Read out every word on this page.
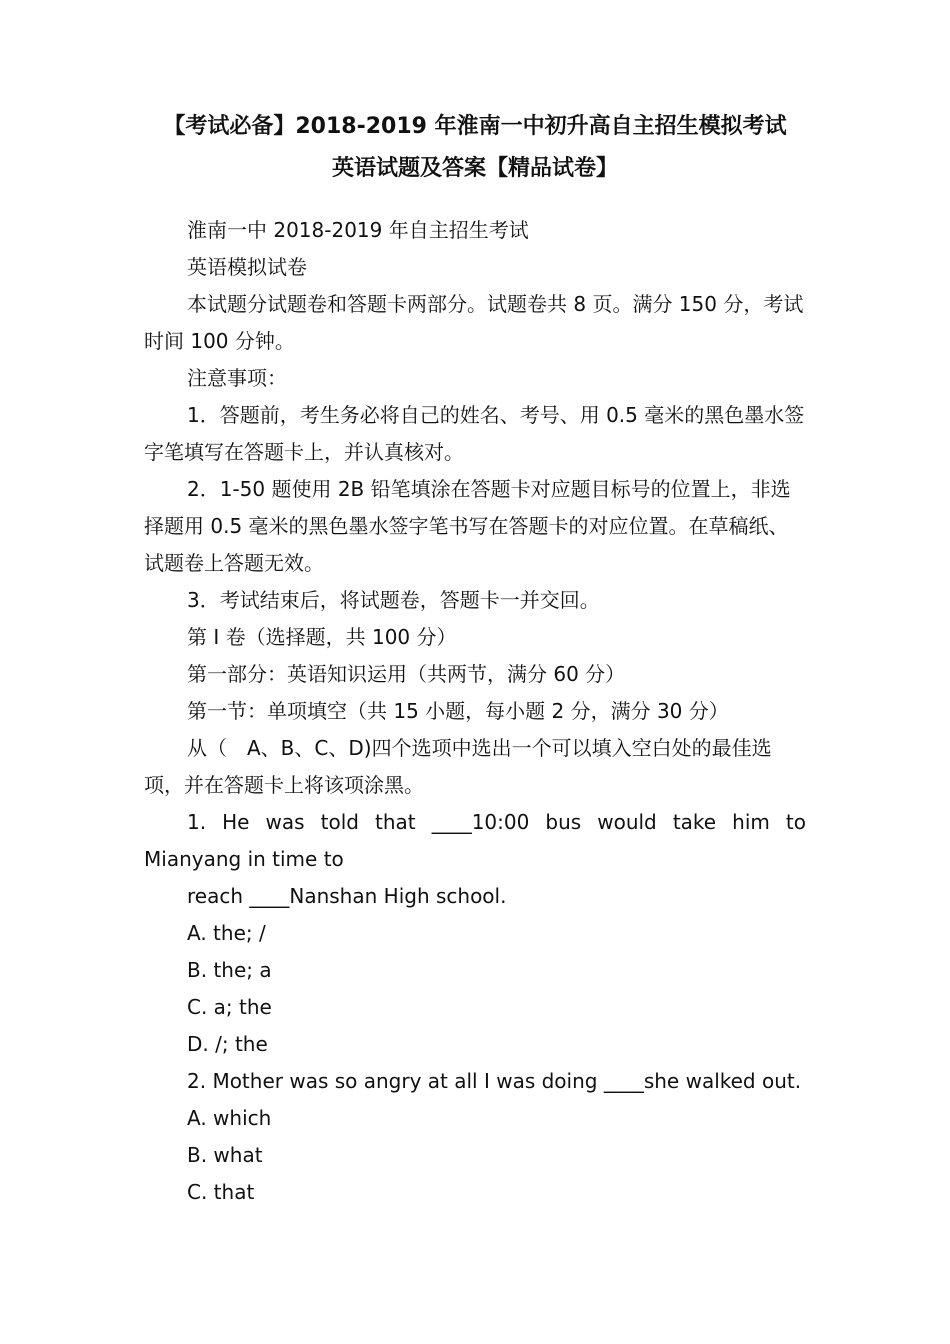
【考试必备】2018-2019 年淮南一中初升高自主招生模拟考试
英语试题及答案【精品试卷】

淮南一中 2018-2019 年自主招生考试

英语模拟试卷

本试题分试题卷和答题卡两部分。试题卷共 8 页。满分 150 分，考试时间 100 分钟。

注意事项：

1．答题前，考生务必将自己的姓名、考号、用 0.5 毫米的黑色墨水签字笔填写在答题卡上，并认真核对。

2．1-50 题使用 2B 铅笔填涂在答题卡对应题目标号的位置上，非选择题用 0.5 毫米的黑色墨水签字笔书写在答题卡的对应位置。在草稿纸、试题卷上答题无效。

3．考试结束后，将试题卷，答题卡一并交回。

第 I 卷（选择题，共 100 分）

第一部分：英语知识运用（共两节，满分 60 分）

第一节：单项填空（共 15 小题，每小题 2 分，满分 30 分）

从（　A、B、C、D)四个选项中选出一个可以填入空白处的最佳选项，并在答题卡上将该项涂黑。

1. He was told that ____10:00 bus would take him to

Mianyang in time to

reach ____Nanshan High school.

A. the; /

B. the; a

C. a; the

D. /; the

2. Mother was so angry at all I was doing ____she walked out.

A. which

B. what

C. that
